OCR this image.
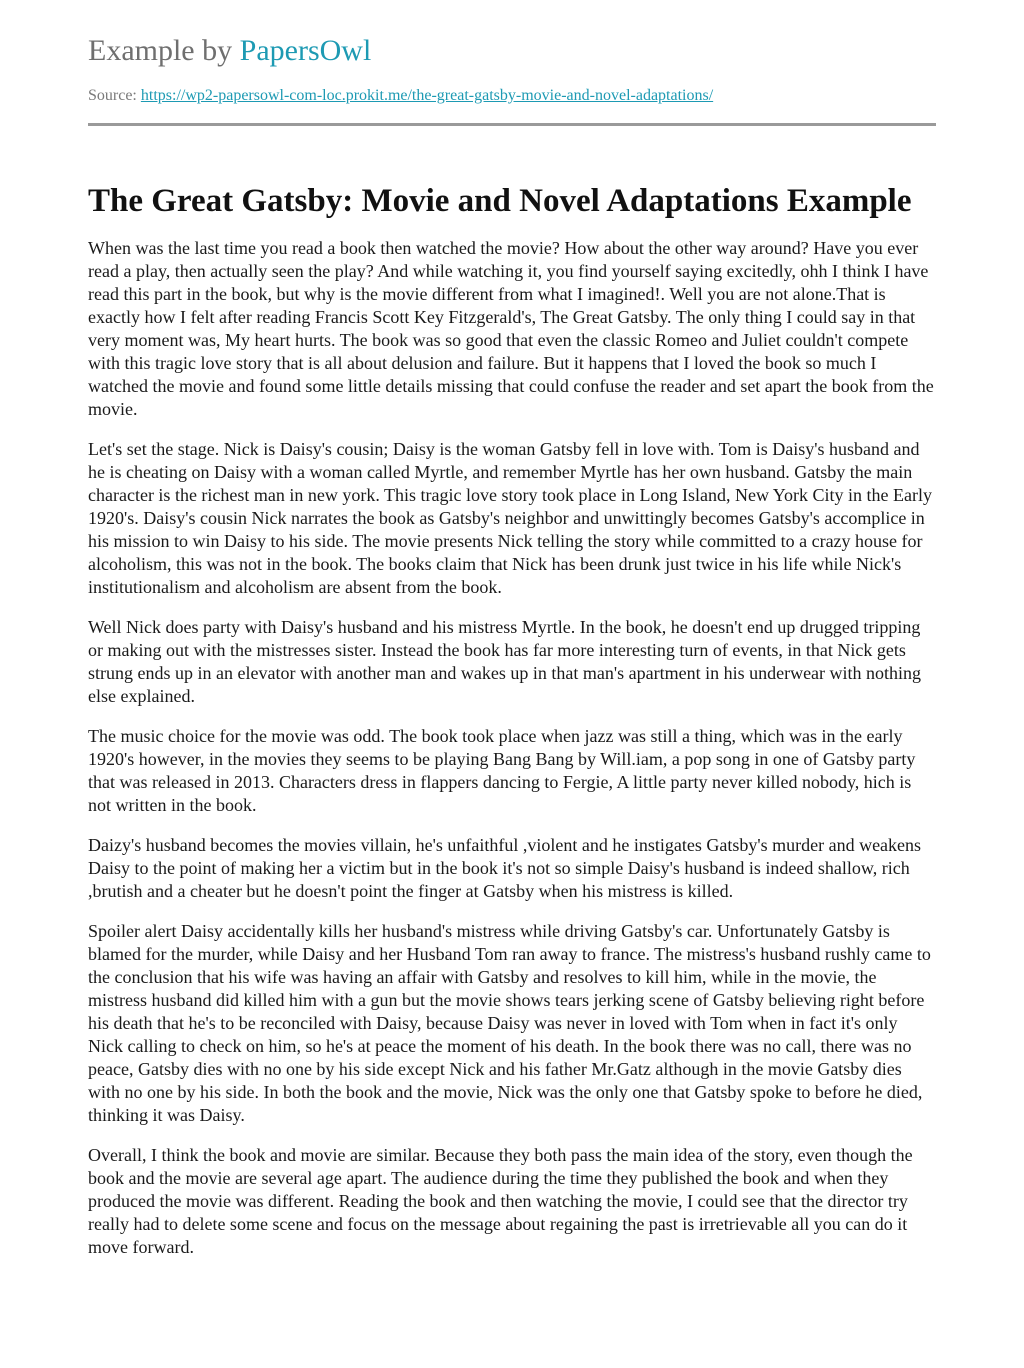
Example by PapersOwl
Source: https://wp2-papersowl-com-loc.prokit.me/the-great-gatsby-movie-and-novel-adaptations/
The Great Gatsby: Movie and Novel Adaptations Example

When was the last time you read a book then watched the movie? How about the other way around? Have you ever read a play, then actually seen the play? And while watching it, you find yourself saying excitedly, ohh I think I have read this part in the book, but why is the movie different from what I imagined!. Well you are not alone.That is exactly how I felt after reading Francis Scott Key Fitzgerald's, The Great Gatsby. The only thing I could say in that very moment was, My heart hurts. The book was so good that even the classic Romeo and Juliet couldn't compete with this tragic love story that is all about delusion and failure. But it happens that I loved the book so much I watched the movie and found some little details missing that could confuse the reader and set apart the book from the movie.

Let's set the stage. Nick is Daisy's cousin; Daisy is the woman Gatsby fell in love with. Tom is Daisy's husband and he is cheating on Daisy with a woman called Myrtle, and remember Myrtle has her own husband. Gatsby the main character is the richest man in new york. This tragic love story took place in Long Island, New York City in the Early 1920's. Daisy's cousin Nick narrates the book as Gatsby's neighbor and unwittingly becomes Gatsby's accomplice in his mission to win Daisy to his side. The movie presents Nick telling the story while committed to a crazy house for alcoholism, this was not in the book. The books claim that Nick has been drunk just twice in his life while Nick's institutionalism and alcoholism are absent from the book.

Well Nick does party with Daisy's husband and his mistress Myrtle. In the book, he doesn't end up drugged tripping or making out with the mistresses sister. Instead the book has far more interesting turn of events, in that Nick gets strung ends up in an elevator with another man and wakes up in that man's apartment in his underwear with nothing else explained.

The music choice for the movie was odd. The book took place when jazz was still a thing, which was in the early 1920's however, in the movies they seems to be playing Bang Bang by Will.iam, a pop song in one of Gatsby party that was released in 2013. Characters dress in flappers dancing to Fergie, A little party never killed nobody, hich is not written in the book.

Daizy's husband becomes the movies villain, he's unfaithful ,violent and he instigates Gatsby's murder and weakens Daisy to the point of making her a victim but in the book it's not so simple Daisy's husband is indeed shallow, rich ,brutish and a cheater but he doesn't point the finger at Gatsby when his mistress is killed.

Spoiler alert Daisy accidentally kills her husband's mistress while driving Gatsby's car. Unfortunately Gatsby is blamed for the murder, while Daisy and her Husband Tom ran away to france. The mistress's husband rushly came to the conclusion that his wife was having an affair with Gatsby and resolves to kill him, while in the movie, the mistress husband did killed him with a gun but the movie shows tears jerking scene of Gatsby believing right before his death that he's to be reconciled with Daisy, because Daisy was never in loved with Tom when in fact it's only Nick calling to check on him, so he's at peace the moment of his death. In the book there was no call, there was no peace, Gatsby dies with no one by his side except Nick and his father Mr.Gatz although in the movie Gatsby dies with no one by his side. In both the book and the movie, Nick was the only one that Gatsby spoke to before he died, thinking it was Daisy.

Overall, I think the book and movie are similar. Because they both pass the main idea of the story, even though the book and the movie are several age apart. The audience during the time they published the book and when they produced the movie was different. Reading the book and then watching the movie, I could see that the director try really had to delete some scene and focus on the message about regaining the past is irretrievable all you can do it move forward.
